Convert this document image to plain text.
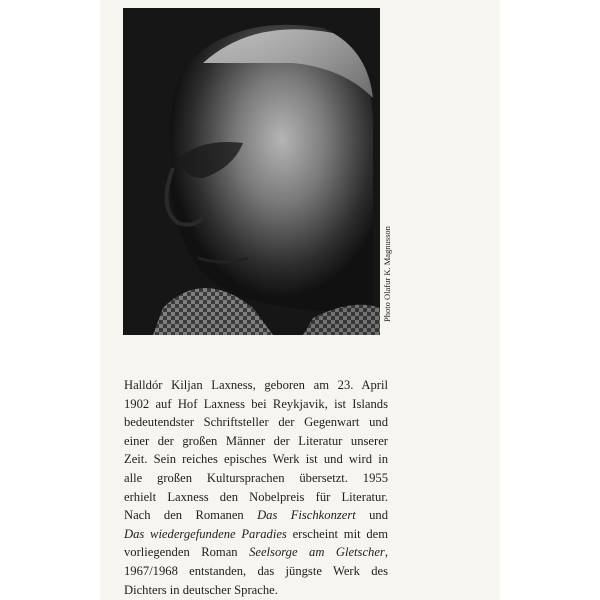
Photo Olafur K. Magnusson
Halldór Kiljan Laxness, geboren am 23. April
1902 auf Hof Laxness bei Reykjavik, ist Islands
bedeutendster Schriftsteller der Gegenwart und
einer der großen Männer der Literatur unserer
Zeit. Sein reiches episches Werk ist und wird in
alle großen Kultursprachen übersetzt. 1955
erhielt Laxness den Nobelpreis für Literatur.
Nach den Romanen Das Fischkonzert und
Das wiedergefundene Paradies erscheint mit dem
vorliegenden Roman Seelsorge am Gletscher,
1967/1968 entstanden, das jüngste Werk des
Dichters in deutscher Sprache.
